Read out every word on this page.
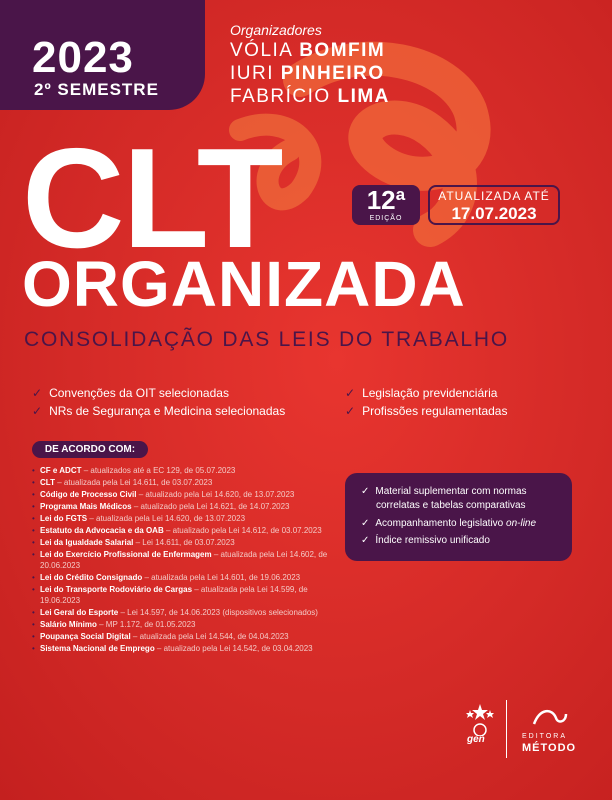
2023
2º SEMESTRE
Organizadores
VÓLIA BOMFIM
IURI PINHEIRO
FABRÍCIO LIMA
CLT	12ª
EDIÇÃO
ATUALIZADA ATÉ
17.07.2023
ORGANIZADA
CONSOLIDAÇÃO DAS LEIS DO TRABALHO
✓ Convenções da OIT selecionadas
✓ NRs de Segurança e Medicina selecionadas
✓ Legislação previdenciária
✓ Profissões regulamentadas
DE ACORDO COM:
• CF e ADCT – atualizados até a EC 129, de 05.07.2023
• CLT – atualizada pela Lei 14.611, de 03.07.2023
• Código de Processo Civil – atualizado pela Lei 14.620, de 13.07.2023
• Programa Mais Médicos – atualizado pela Lei 14.621, de 14.07.2023
• Lei do FGTS – atualizada pela Lei 14.620, de 13.07.2023
• Estatuto da Advocacia e da OAB – atualizado pela Lei 14.612, de 03.07.2023
• Lei da Igualdade Salarial – Lei 14.611, de 03.07.2023
• Lei do Exercício Profissional de Enfermagem – atualizada pela Lei 14.602, de 20.06.2023
• Lei do Crédito Consignado – atualizada pela Lei 14.601, de 19.06.2023
• Lei do Transporte Rodoviário de Cargas – atualizada pela Lei 14.599, de 19.06.2023
• Lei Geral do Esporte – Lei 14.597, de 14.06.2023 (dispositivos selecionados)
• Salário Mínimo – MP 1.172, de 01.05.2023
• Poupança Social Digital – atualizada pela Lei 14.544, de 04.04.2023
• Sistema Nacional de Emprego – atualizado pela Lei 14.542, de 03.04.2023
✓ Material suplementar com normas
correlatas e tabelas comparativas
✓ Acompanhamento legislativo on-line
✓ Índice remissivo unificado
gen	EDITORA
MÉTODO
